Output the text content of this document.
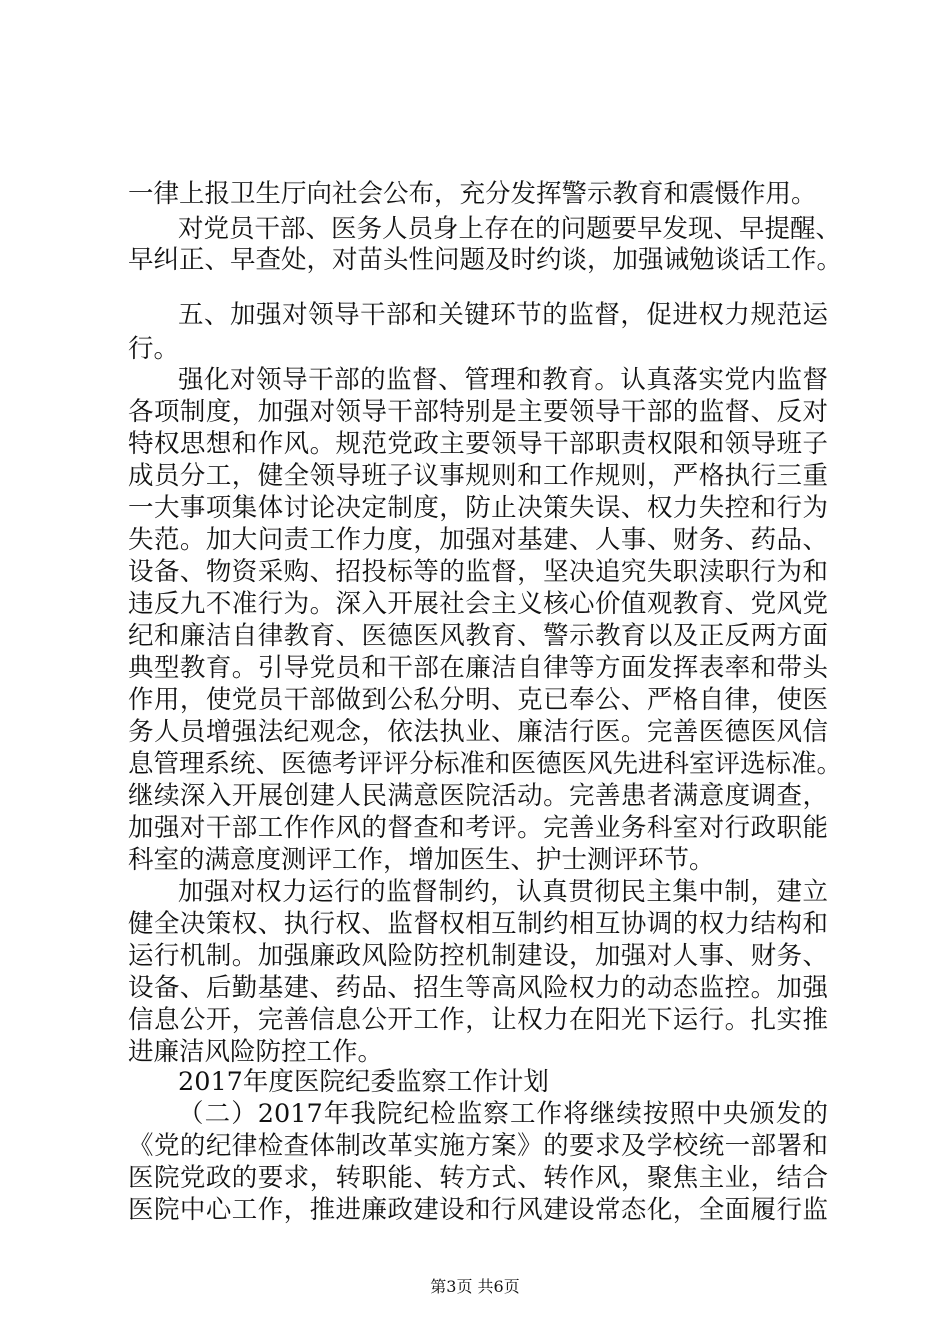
一律上报卫生厅向社会公布，充分发挥警示教育和震慑作用。
对党员干部、医务人员身上存在的问题要早发现、早提醒、
早纠正、早查处，对苗头性问题及时约谈，加强诫勉谈话工作。
五、加强对领导干部和关键环节的监督，促进权力规范运
行。
强化对领导干部的监督、管理和教育。认真落实党内监督
各项制度，加强对领导干部特别是主要领导干部的监督、反对
特权思想和作风。规范党政主要领导干部职责权限和领导班子
成员分工，健全领导班子议事规则和工作规则，严格执行三重
一大事项集体讨论决定制度，防止决策失误、权力失控和行为
失范。加大问责工作力度，加强对基建、人事、财务、药品、
设备、物资采购、招投标等的监督，坚决追究失职渎职行为和
违反九不准行为。深入开展社会主义核心价值观教育、党风党
纪和廉洁自律教育、医德医风教育、警示教育以及正反两方面
典型教育。引导党员和干部在廉洁自律等方面发挥表率和带头
作用，使党员干部做到公私分明、克已奉公、严格自律，使医
务人员增强法纪观念，依法执业、廉洁行医。完善医德医风信
息管理系统、医德考评评分标准和医德医风先进科室评选标准。
继续深入开展创建人民满意医院活动。完善患者满意度调查，
加强对干部工作作风的督查和考评。完善业务科室对行政职能
科室的满意度测评工作，增加医生、护士测评环节。
加强对权力运行的监督制约，认真贯彻民主集中制，建立
健全决策权、执行权、监督权相互制约相互协调的权力结构和
运行机制。加强廉政风险防控机制建设，加强对人事、财务、
设备、后勤基建、药品、招生等高风险权力的动态监控。加强
信息公开，完善信息公开工作，让权力在阳光下运行。扎实推
进廉洁风险防控工作。
2017年度医院纪委监察工作计划
（二）2017年我院纪检监察工作将继续按照中央颁发的
《党的纪律检查体制改革实施方案》的要求及学校统一部署和
医院党政的要求，转职能、转方式、转作风，聚焦主业，结合
医院中心工作，推进廉政建设和行风建设常态化，全面履行监
第3页 共6页
